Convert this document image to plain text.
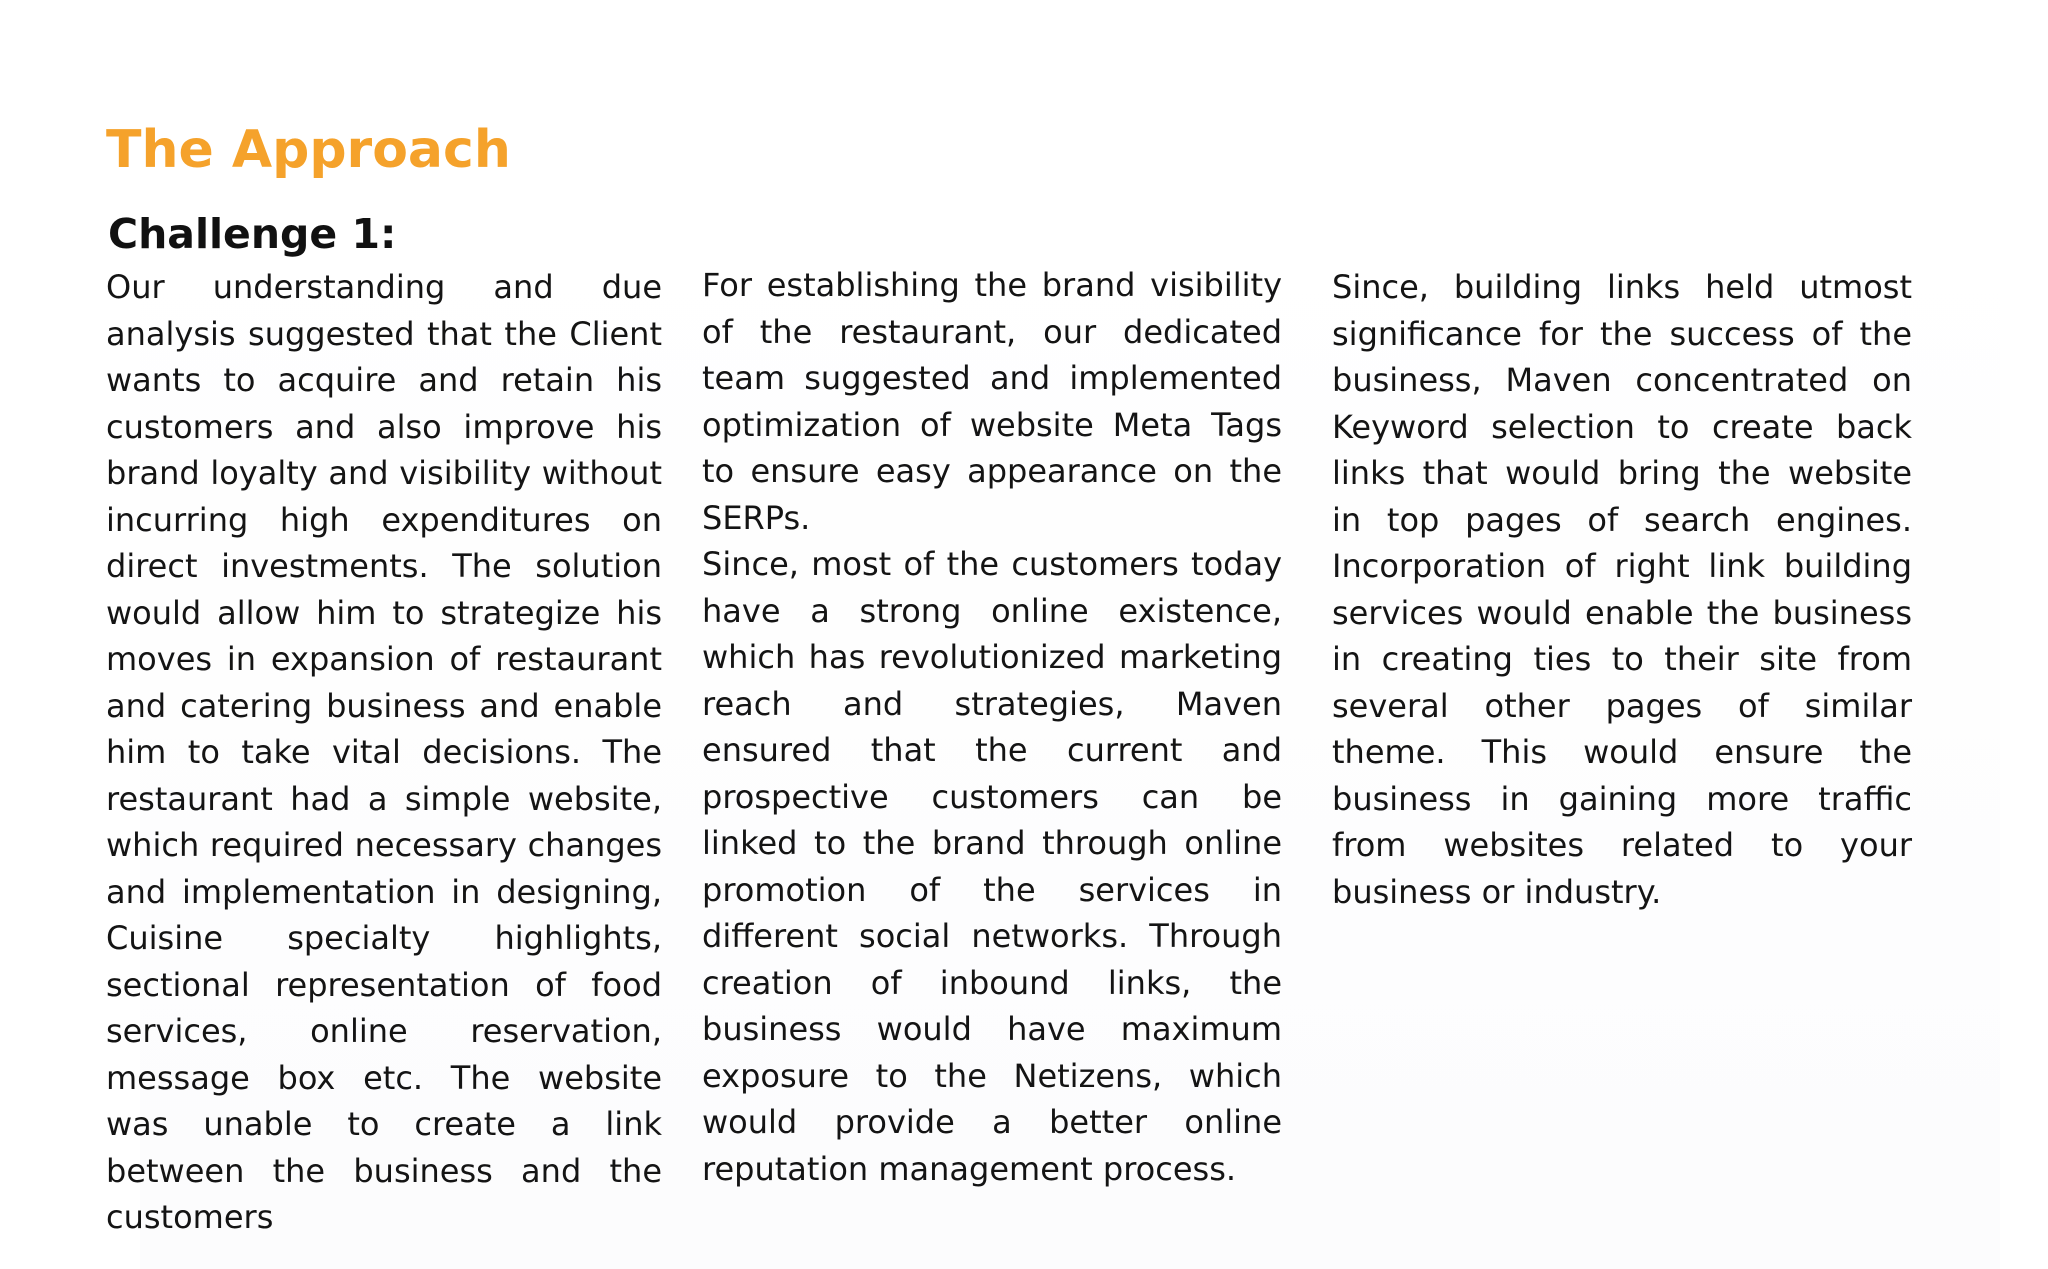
The Approach
Challenge 1:

Our understanding and due analysis suggested that the Client wants to acquire and retain his customers and also improve his brand loyalty and visibility without incurring high expenditures on direct investments. The solution would allow him to strategize his moves in expansion of restaurant and catering business and enable him to take vital decisions. The restaurant had a simple website, which required necessary changes and implementation in designing, Cuisine specialty highlights, sectional representation of food services, online reservation, message box etc. The website was unable to create a link between the business and the customers

For establishing the brand visibility of the restaurant, our dedicated team suggested and implemented optimization of website Meta Tags to ensure easy appearance on the SERPs.

Since, most of the customers today have a strong online existence, which has revolutionized marketing reach and strategies, Maven ensured that the current and prospective customers can be linked to the brand through online promotion of the services in different social networks. Through creation of inbound links, the business would have maximum exposure to the Netizens, which would provide a better online reputation management process.

Since, building links held utmost significance for the success of the business, Maven concentrated on Keyword selection to create back links that would bring the website in top pages of search engines. Incorporation of right link building services would enable the business in creating ties to their site from several other pages of similar theme. This would ensure the business in gaining more traffic from websites related to your business or industry.
